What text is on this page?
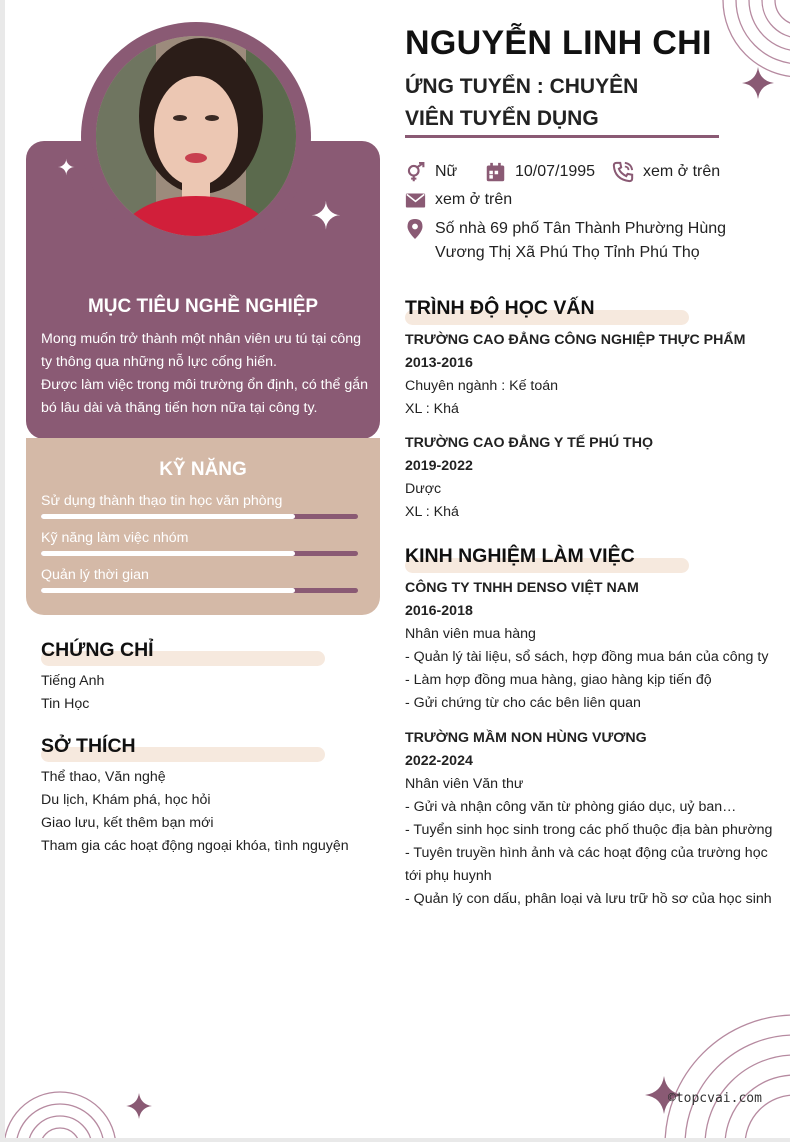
✦
✦
MỤC TIÊU NGHỀ NGHIỆP
Mong muốn trở thành một nhân viên ưu tú tại công
ty thông qua những nỗ lực cống hiến.
Được làm việc trong môi trường ổn định, có thể gắn
bó lâu dài và thăng tiến hơn nữa tại công ty.
KỸ NĂNG
Sử dụng thành thạo tin học văn phòng
Kỹ năng làm việc nhóm
Quản lý thời gian
CHỨNG CHỈ
Tiếng Anh
Tin Học
SỞ THÍCH
Thể thao, Văn nghệ
Du lịch, Khám phá, học hỏi
Giao lưu, kết thêm bạn mới
Tham gia các hoạt động ngoại khóa, tình nguyện
NGUYỄN LINH CHI
ỨNG TUYỂN : CHUYÊN
VIÊN TUYỂN DỤNG
Nữ	10/07/1995	xem ở trên
xem ở trên
Số nhà 69 phố Tân Thành Phường Hùng Vương Thị Xã Phú Thọ Tỉnh Phú Thọ
TRÌNH ĐỘ HỌC VẤN
TRƯỜNG CAO ĐẲNG CÔNG NGHIỆP THỰC PHẨM
2013-2016
Chuyên ngành : Kế toán
XL : Khá
TRƯỜNG CAO ĐẲNG Y TẾ PHÚ THỌ
2019-2022
Dược
XL : Khá
KINH NGHIỆM LÀM VIỆC
CÔNG TY TNHH DENSO VIỆT NAM
2016-2018
Nhân viên mua hàng
- Quản lý tài liệu, sổ sách, hợp đồng mua bán của công ty
- Làm hợp đồng mua hàng, giao hàng kịp tiến độ
- Gửi chứng từ cho các bên liên quan
TRƯỜNG MẦM NON HÙNG VƯƠNG
2022-2024
Nhân viên Văn thư
- Gửi và nhận công văn từ phòng giáo dục, uỷ ban…
- Tuyển sinh học sinh trong các phố thuộc địa bàn phường
- Tuyên truyền hình ảnh và các hoạt động của trường học tới phụ huynh
- Quản lý con dấu, phân loại và lưu trữ hồ sơ của học sinh
©topcvai.com
